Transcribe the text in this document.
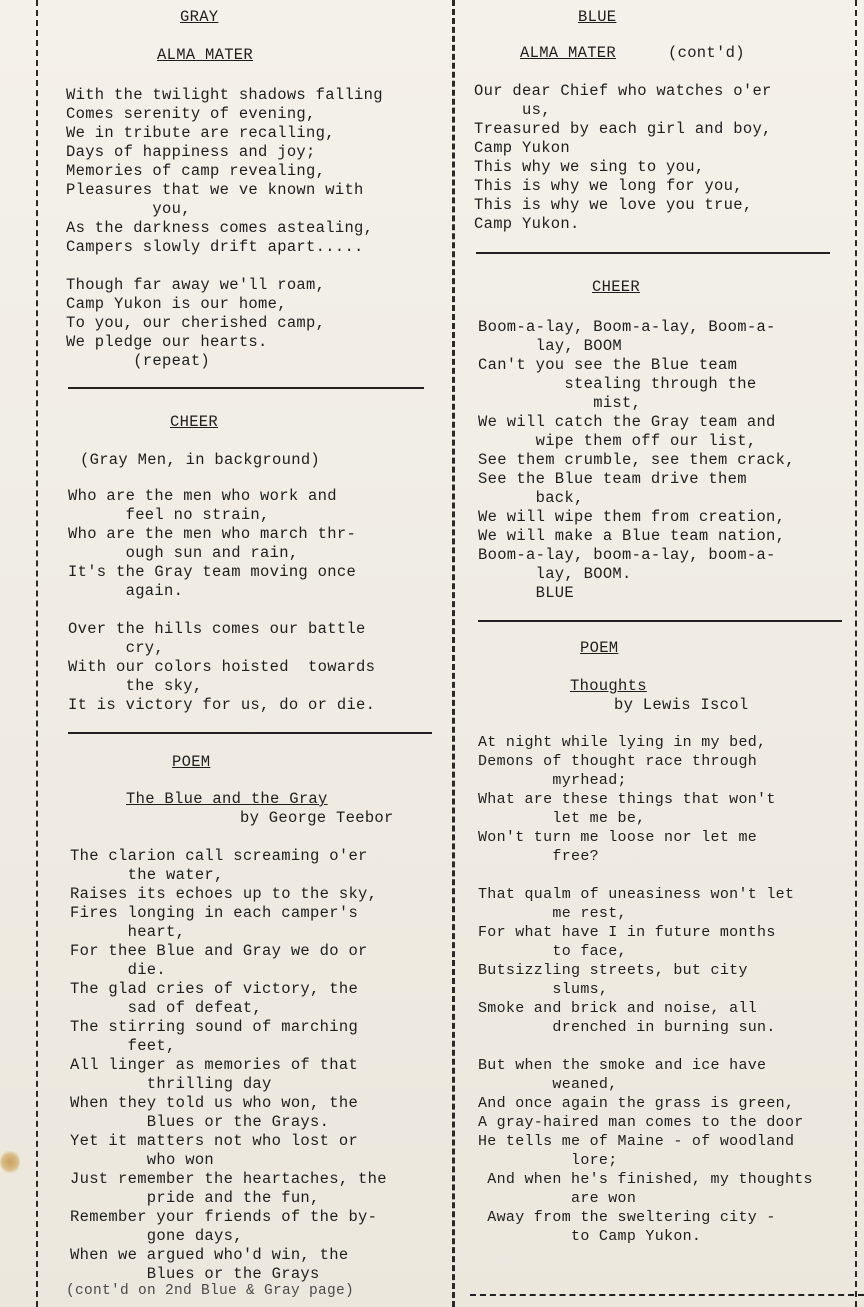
GRAY
ALMA MATER
With the twilight shadows falling
Comes serenity of evening,
We in tribute are recalling,
Days of happiness and joy;
Memories of camp revealing,
Pleasures that we ve known with
you,
As the darkness comes astealing,
Campers slowly drift apart.....
Though far away we'll roam,
Camp Yukon is our home,
To you, our cherished camp,
We pledge our hearts.
(repeat)
CHEER
(Gray Men, in background)
Who are the men who work and
feel no strain,
Who are the men who march thr-
ough sun and rain,
It's the Gray team moving once
again.
Over the hills comes our battle
cry,
With our colors hoisted  towards
the sky,
It is victory for us, do or die.
POEM
The Blue and the Gray
by George Teebor
The clarion call screaming o'er
the water,
Raises its echoes up to the sky,
Fires longing in each camper's
heart,
For thee Blue and Gray we do or
die.
The glad cries of victory, the
sad of defeat,
The stirring sound of marching
feet,
All linger as memories of that
thrilling day
When they told us who won, the
Blues or the Grays.
Yet it matters not who lost or
who won
Just remember the heartaches, the
pride and the fun,
Remember your friends of the by-
gone days,
When we argued who'd win, the
Blues or the Grays
(cont'd on 2nd Blue & Gray page)
BLUE
ALMA MATER	(cont'd)
Our dear Chief who watches o'er
us,
Treasured by each girl and boy,
Camp Yukon
This why we sing to you,
This is why we long for you,
This is why we love you true,
Camp Yukon.
CHEER
Boom-a-lay, Boom-a-lay, Boom-a-
lay, BOOM
Can't you see the Blue team
stealing through the
mist,
We will catch the Gray team and
wipe them off our list,
See them crumble, see them crack,
See the Blue team drive them
back,
We will wipe them from creation,
We will make a Blue team nation,
Boom-a-lay, boom-a-lay, boom-a-
lay, BOOM.
BLUE
POEM
Thoughts
by Lewis Iscol
At night while lying in my bed,
Demons of thought race through
myrhead;
What are these things that won't
let me be,
Won't turn me loose nor let me
free?
That qualm of uneasiness won't let
me rest,
For what have I in future months
to face,
Butsizzling streets, but city
slums,
Smoke and brick and noise, all
drenched in burning sun.
But when the smoke and ice have
weaned,
And once again the grass is green,
A gray-haired man comes to the door
He tells me of Maine - of woodland
lore;
And when he's finished, my thoughts
are won
Away from the sweltering city -
to Camp Yukon.
